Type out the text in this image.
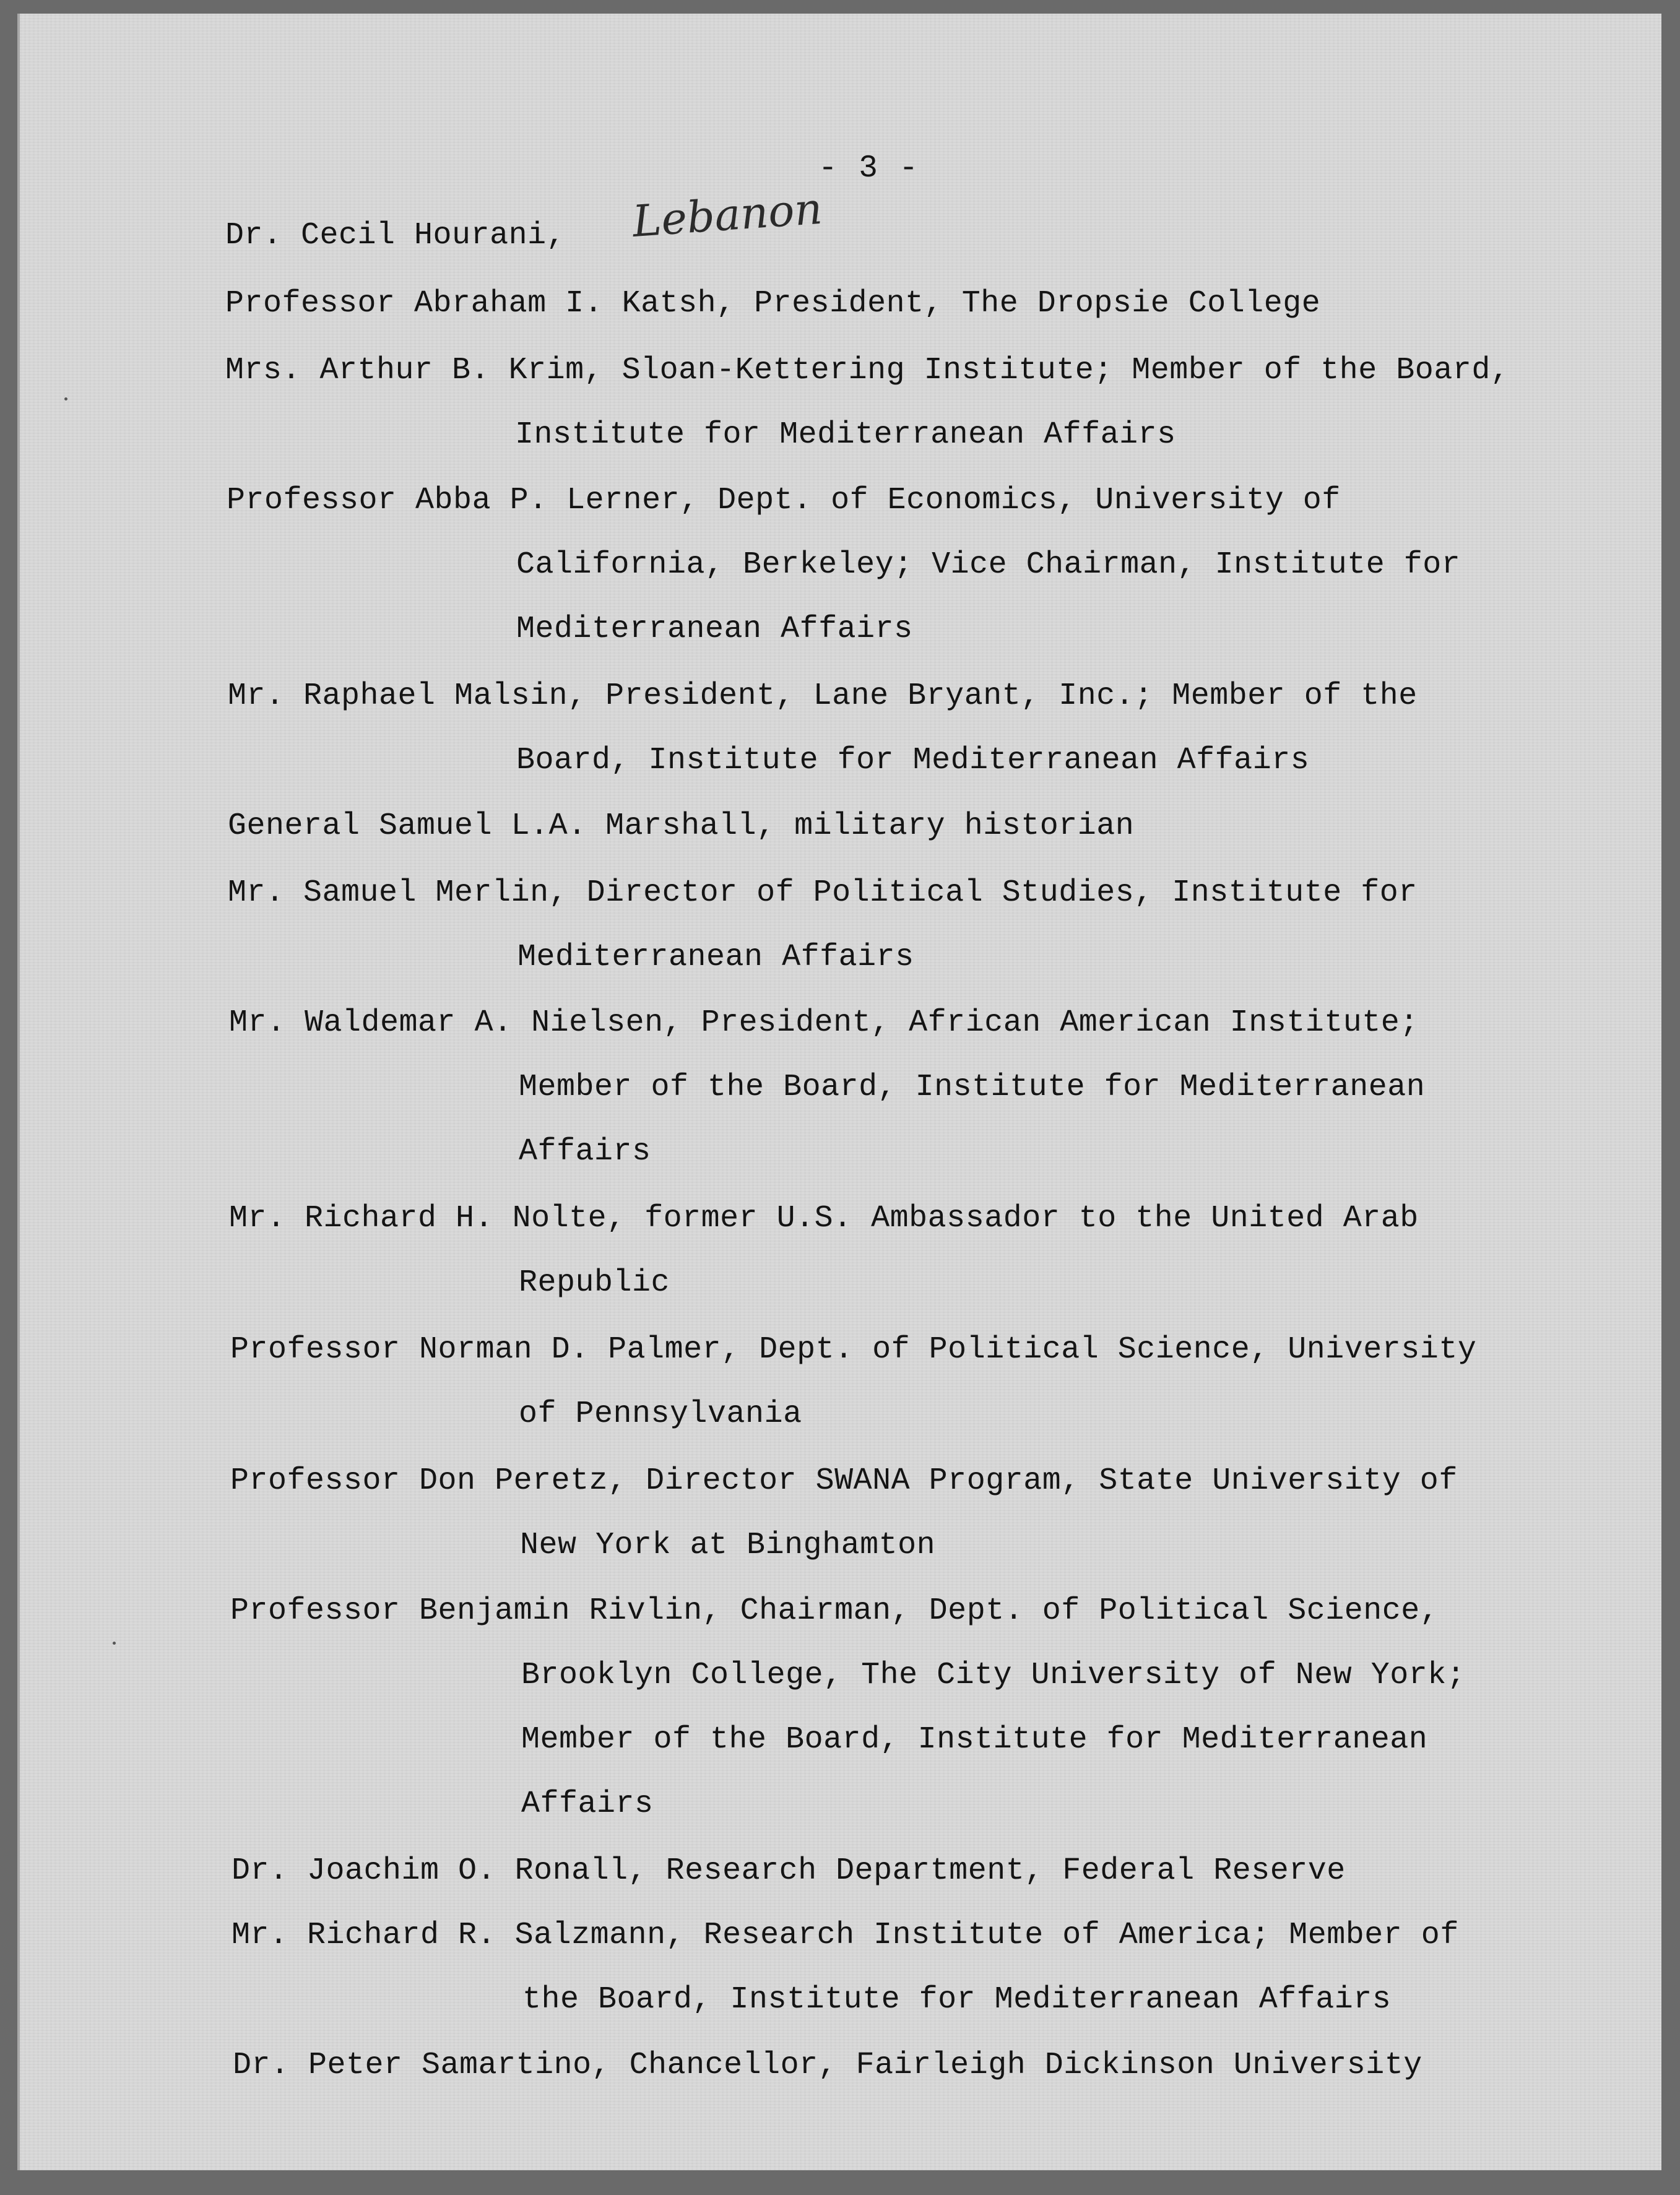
- 3 -
Lebanon
Dr. Cecil Hourani,
Professor Abraham I. Katsh, President, The Dropsie College
Mrs. Arthur B. Krim, Sloan-Kettering Institute; Member of the Board,
Institute for Mediterranean Affairs
Professor Abba P. Lerner, Dept. of Economics, University of
California, Berkeley; Vice Chairman, Institute for
Mediterranean Affairs
Mr. Raphael Malsin, President, Lane Bryant, Inc.; Member of the
Board, Institute for Mediterranean Affairs
General Samuel L.A. Marshall, military historian
Mr. Samuel Merlin, Director of Political Studies, Institute for
Mediterranean Affairs
Mr. Waldemar A. Nielsen, President, African American Institute;
Member of the Board, Institute for Mediterranean
Affairs
Mr. Richard H. Nolte, former U.S. Ambassador to the United Arab
Republic
Professor Norman D. Palmer, Dept. of Political Science, University
of Pennsylvania
Professor Don Peretz, Director SWANA Program, State University of
New York at Binghamton
Professor Benjamin Rivlin, Chairman, Dept. of Political Science,
Brooklyn College, The City University of New York;
Member of the Board, Institute for Mediterranean
Affairs
Dr. Joachim O. Ronall, Research Department, Federal Reserve
Mr. Richard R. Salzmann, Research Institute of America; Member of
the Board, Institute for Mediterranean Affairs
Dr. Peter Samartino, Chancellor, Fairleigh Dickinson University
